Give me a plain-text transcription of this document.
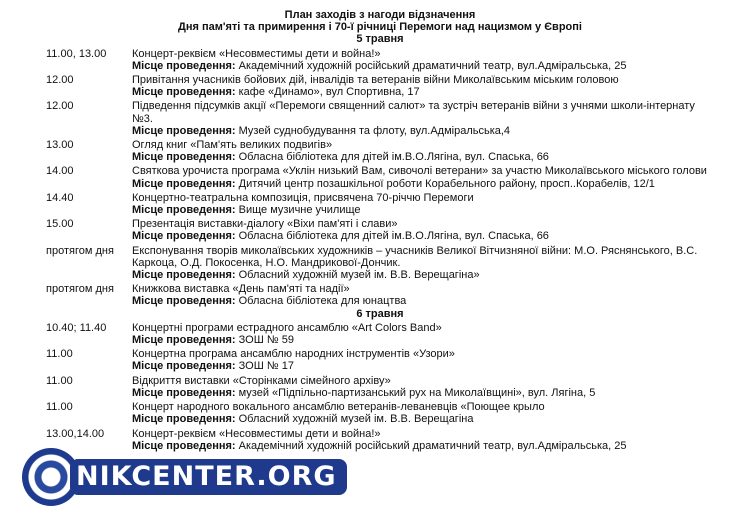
План заходів з нагоди відзначення
Дня пам'яті та примирення і 70-ї річниці Перемоги над нацизмом у Європі
5 травня
11.00, 13.00	Концерт-реквієм «Несовместимы дети и война!»
Місце проведення: Академічний художній російський драматичний театр, вул.Адміральська, 25
12.00	Привітання учасників бойових дій, інвалідів та ветеранів війни Миколаївським міським головою
Місце проведення: кафе «Динамо», вул Спортивна, 17
12.00	Підведення підсумків акції «Перемоги священний салют» та зустріч ветеранів війни з учнями школи-інтернату №3.
Місце проведення: Музей суднобудування та флоту, вул.Адміральська,4
13.00	Огляд книг «Пам'ять великих подвигів»
Місце проведення: Обласна бібліотека для дітей ім.В.О.Лягіна, вул. Спаська, 66
14.00	Святкова урочиста програма «Уклін низький Вам, сивочолі ветерани» за участю Миколаївського міського голови
Місце проведення: Дитячий центр позашкільної роботи Корабельного району, просп..Корабелів, 12/1
14.40	Концертно-театральна композиція, присвячена 70-річчю Перемоги
Місце проведення: Вище музичне училище
15.00	Презентація виставки-діалогу «Віхи пам'яті і слави»
Місце проведення: Обласна бібліотека для дітей ім.В.О.Лягіна, вул. Спаська, 66
протягом дня	Експонування творів миколаївських художників – учасників Великої Вітчизняної війни: М.О. Ряснянського, В.С. Каркоца, О.Д. Покосенка, Н.О. Мандрикової-Дончик.
Місце проведення: Обласний художній музей ім. В.В. Верещагіна»
протягом дня	Книжкова виставка «День пам'яті та надії»
Місце проведення: Обласна бібліотека для юнацтва
6 травня
10.40; 11.40	Концертні програми естрадного ансамблю «Art Colors Band»
Місце проведення: ЗОШ № 59
11.00	Концертна програма ансамблю народних інструментів «Узори»
Місце проведення: ЗОШ № 17
11.00	Відкриття виставки «Сторінками сімейного архіву»
Місце проведення: музей «Підпільно-партизанський рух на Миколаївщині», вул. Лягіна, 5
11.00	Концерт народного вокального ансамблю ветеранів-леваневців «Поющее крыло
Місце проведення: Обласний художній музей ім. В.В. Верещагіна
13.00,14.00	Концерт-реквієм «Несовместимы дети и война!»
Місце проведення: Академічний художній російський драматичний театр, вул.Адміральська, 25
NIKCENTER.ORG
